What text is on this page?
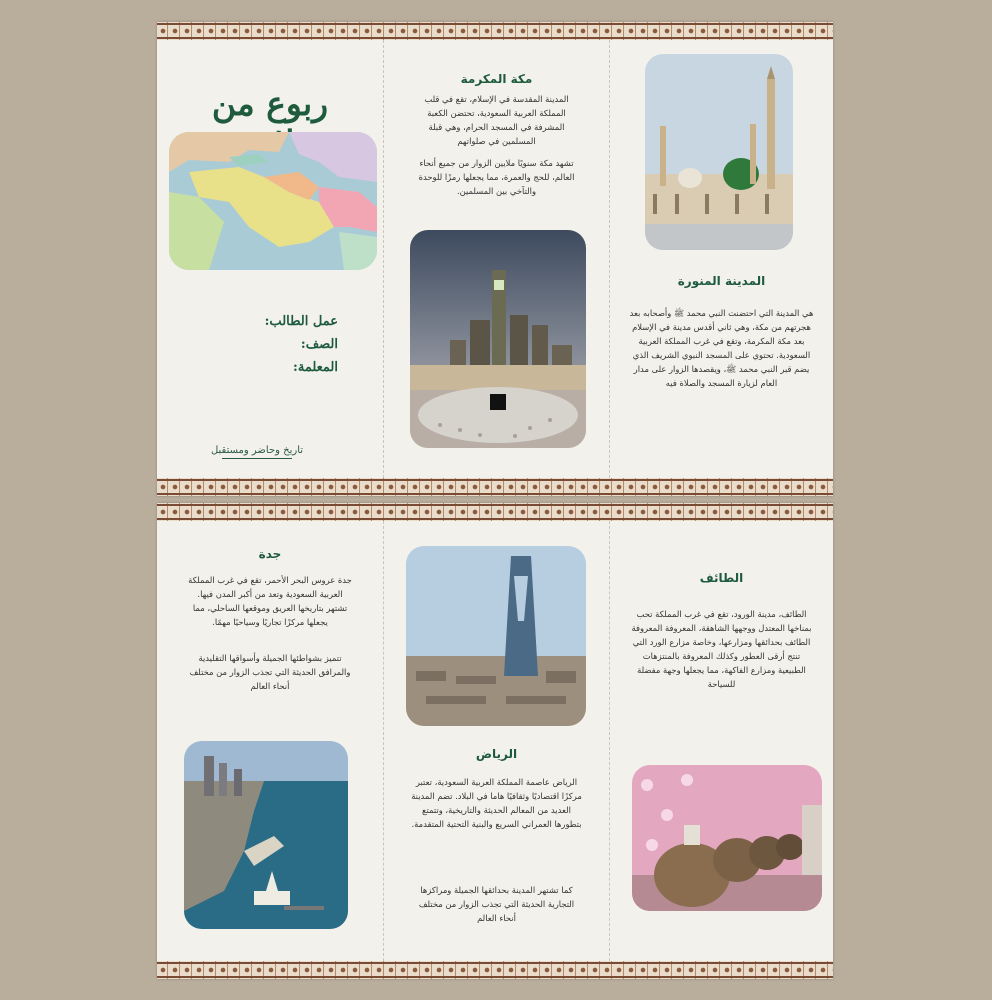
ربوع من
عمل الطالب:
الصف:
المعلمة:
تاريخ وحاضر ومستقبل
مكة المكرمة
المدينة المقدسة في الإسلام، تقع في قلب المملكة العربية السعودية، تحتضن الكعبة المشرفة في المسجد الحرام، وهي قبلة المسلمين في صلواتهم
تشهد مكة سنويًا ملايين الزوار من جميع أنحاء العالم، للحج والعمرة، مما يجعلها رمزًا للوحدة والتآخي بين المسلمين.
المدينة المنورة
هي المدينة التي احتضنت النبي محمد ﷺ وأصحابه بعد هجرتهم من مكة، وهي ثاني أقدس مدينة في الإسلام بعد مكة المكرمة، وتقع في غرب المملكة العربية السعودية. تحتوي على المسجد النبوي الشريف الذي يضم قبر النبي محمد ﷺ، ويقصدها الزوار على مدار العام لزيارة المسجد والصلاة فيه
جدة
جدة عروس البحر الأحمر، تقع في غرب المملكة العربية السعودية وتعد من أكبر المدن فيها. تشتهر بتاريخها العريق وموقعها الساحلي، مما يجعلها مركزًا تجاريًا وسياحيًا مهمًا.
تتميز بشواطئها الجميلة وأسواقها التقليدية والمرافق الحديثة التي تجذب الزوار من مختلف أنحاء العالم
الرياض
الرياض عاصمة المملكة العربية السعودية، تعتبر مركزًا اقتصاديًا وثقافيًا هاما في البلاد. تضم المدينة العديد من المعالم الحديثة والتاريخية، وتتمتع بتطورها العمراني السريع والبنية التحتية المتقدمة.
كما تشتهر المدينة بحدائقها الجميلة ومراكزها التجارية الحديثة التي تجذب الزوار من مختلف أنحاء العالم
الطائف
الطائف، مدينة الورود، تقع في غرب المملكة تحب بمناخها المعتدل ووجهها الشاهقة، المعروفة المعروفة الطائف بحدائقها ومزارعها، وخاصة مزارع الورد التي تنتج أرقى العطور وكذلك المعروفة بالمنتزهات الطبيعية ومزارع الفاكهة، مما يجعلها وجهة مفضلة للسياحة
